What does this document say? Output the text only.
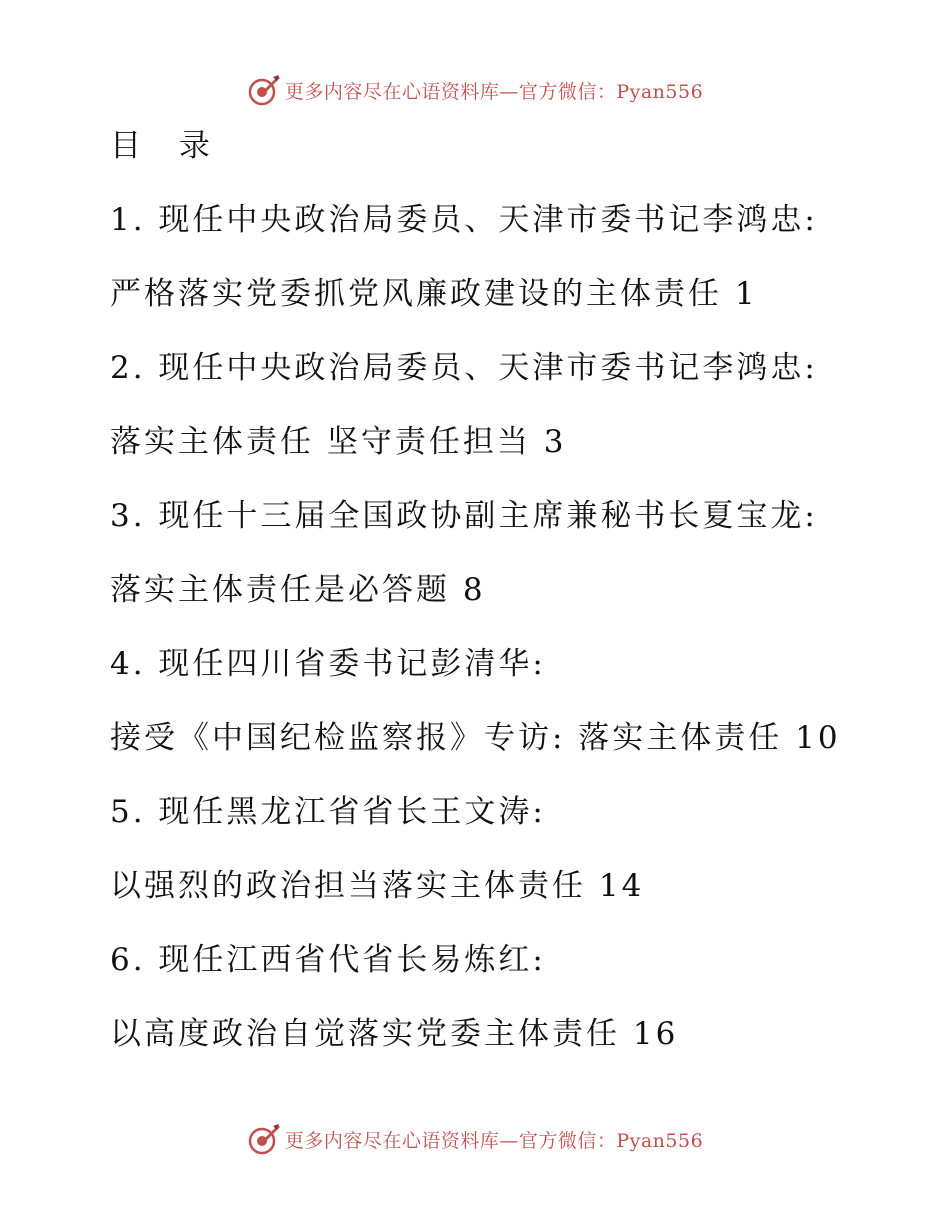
更多内容尽在心语资料库—官方微信：Pyan556
目 录
1. 现任中央政治局委员、天津市委书记李鸿忠:
严格落实党委抓党风廉政建设的主体责任 1
2. 现任中央政治局委员、天津市委书记李鸿忠:
落实主体责任 坚守责任担当 3
3. 现任十三届全国政协副主席兼秘书长夏宝龙:
落实主体责任是必答题 8
4. 现任四川省委书记彭清华:
接受《中国纪检监察报》专访: 落实主体责任 10
5. 现任黑龙江省省长王文涛:
以强烈的政治担当落实主体责任 14
6. 现任江西省代省长易炼红:
以高度政治自觉落实党委主体责任 16
更多内容尽在心语资料库—官方微信：Pyan556
